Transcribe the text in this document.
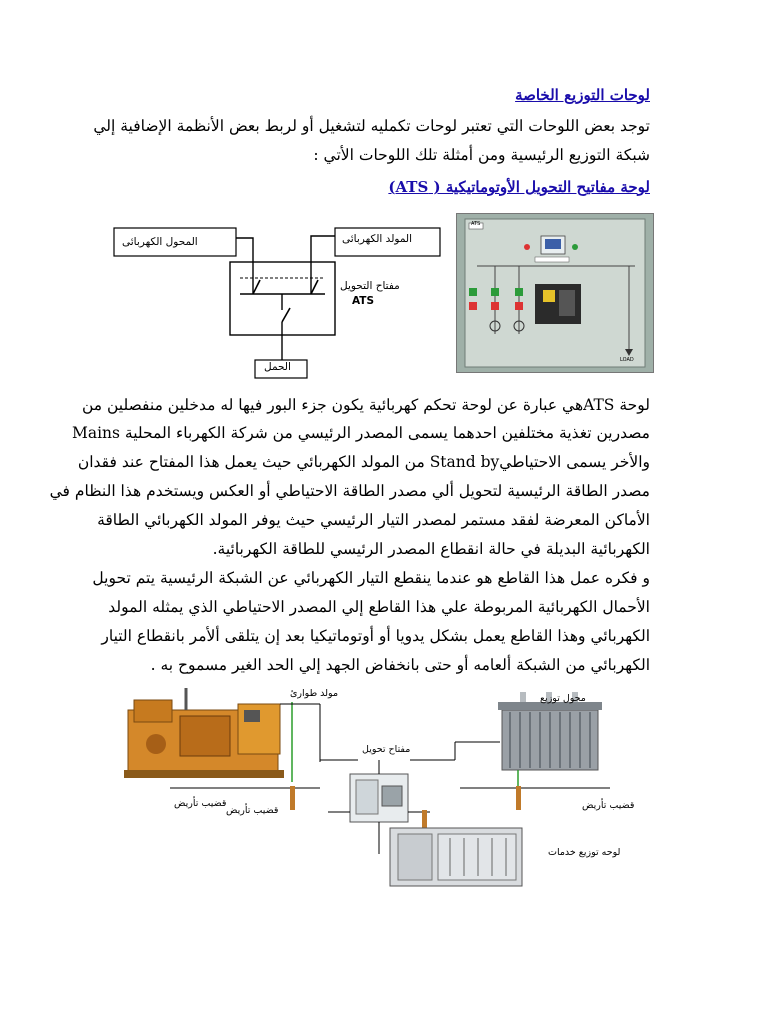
لوحات التوزيع الخاصة
توجد بعض اللوحات التي تعتبر لوحات تكمليه لتشغيل أو لربط بعض الأنظمة الإضافية إلي
شبكة التوزيع الرئيسية ومن أمثلة تلك اللوحات الأتي :
لوحة مفاتيح التحويل الأوتوماتيكية ( ATS)
المحول الكهربائى	المولد الكهربائى
مفتاح التحويل
ATS
الحمل
ATS
LOAD
لوحة ATSهي عبارة عن لوحة تحكم كهربائية يكون جزء البور فيها له مدخلين منفصلين من
مصدرين تغذية مختلفين احدهما يسمى المصدر الرئيسي من شركة الكهرباء المحلية Mains
والأخر يسمى الاحتياطيStand by من المولد الكهربائي حيث يعمل هذا المفتاح عند فقدان
مصدر الطاقة الرئيسية لتحويل ألي مصدر الطاقة الاحتياطي أو العكس ويستخدم هذا النظام في
الأماكن المعرضة لفقد مستمر لمصدر التيار الرئيسي حيث يوفر المولد الكهربائي الطاقة
الكهربائية البديلة في حالة انقطاع المصدر الرئيسي للطاقة الكهربائية.
و فكره عمل هذا القاطع هو عندما ينقطع التيار الكهربائي عن الشبكة الرئيسية يتم تحويل
الأحمال الكهربائية المربوطة علي هذا القاطع إلي المصدر الاحتياطي الذي يمثله المولد
الكهربائي وهذا القاطع يعمل بشكل يدويا أو أوتوماتيكيا بعد إن يتلقى ألأمر بانقطاع التيار
الكهربائي من الشبكة ألعامه أو حتى بانخفاض الجهد إلي الحد الغير مسموح به .
مولد طوارئ	محول توزيع
مفتاح تحويل
قضيب تأريض
قضيب تأريض	قضيب تأريض
لوحه توزيع خدمات
